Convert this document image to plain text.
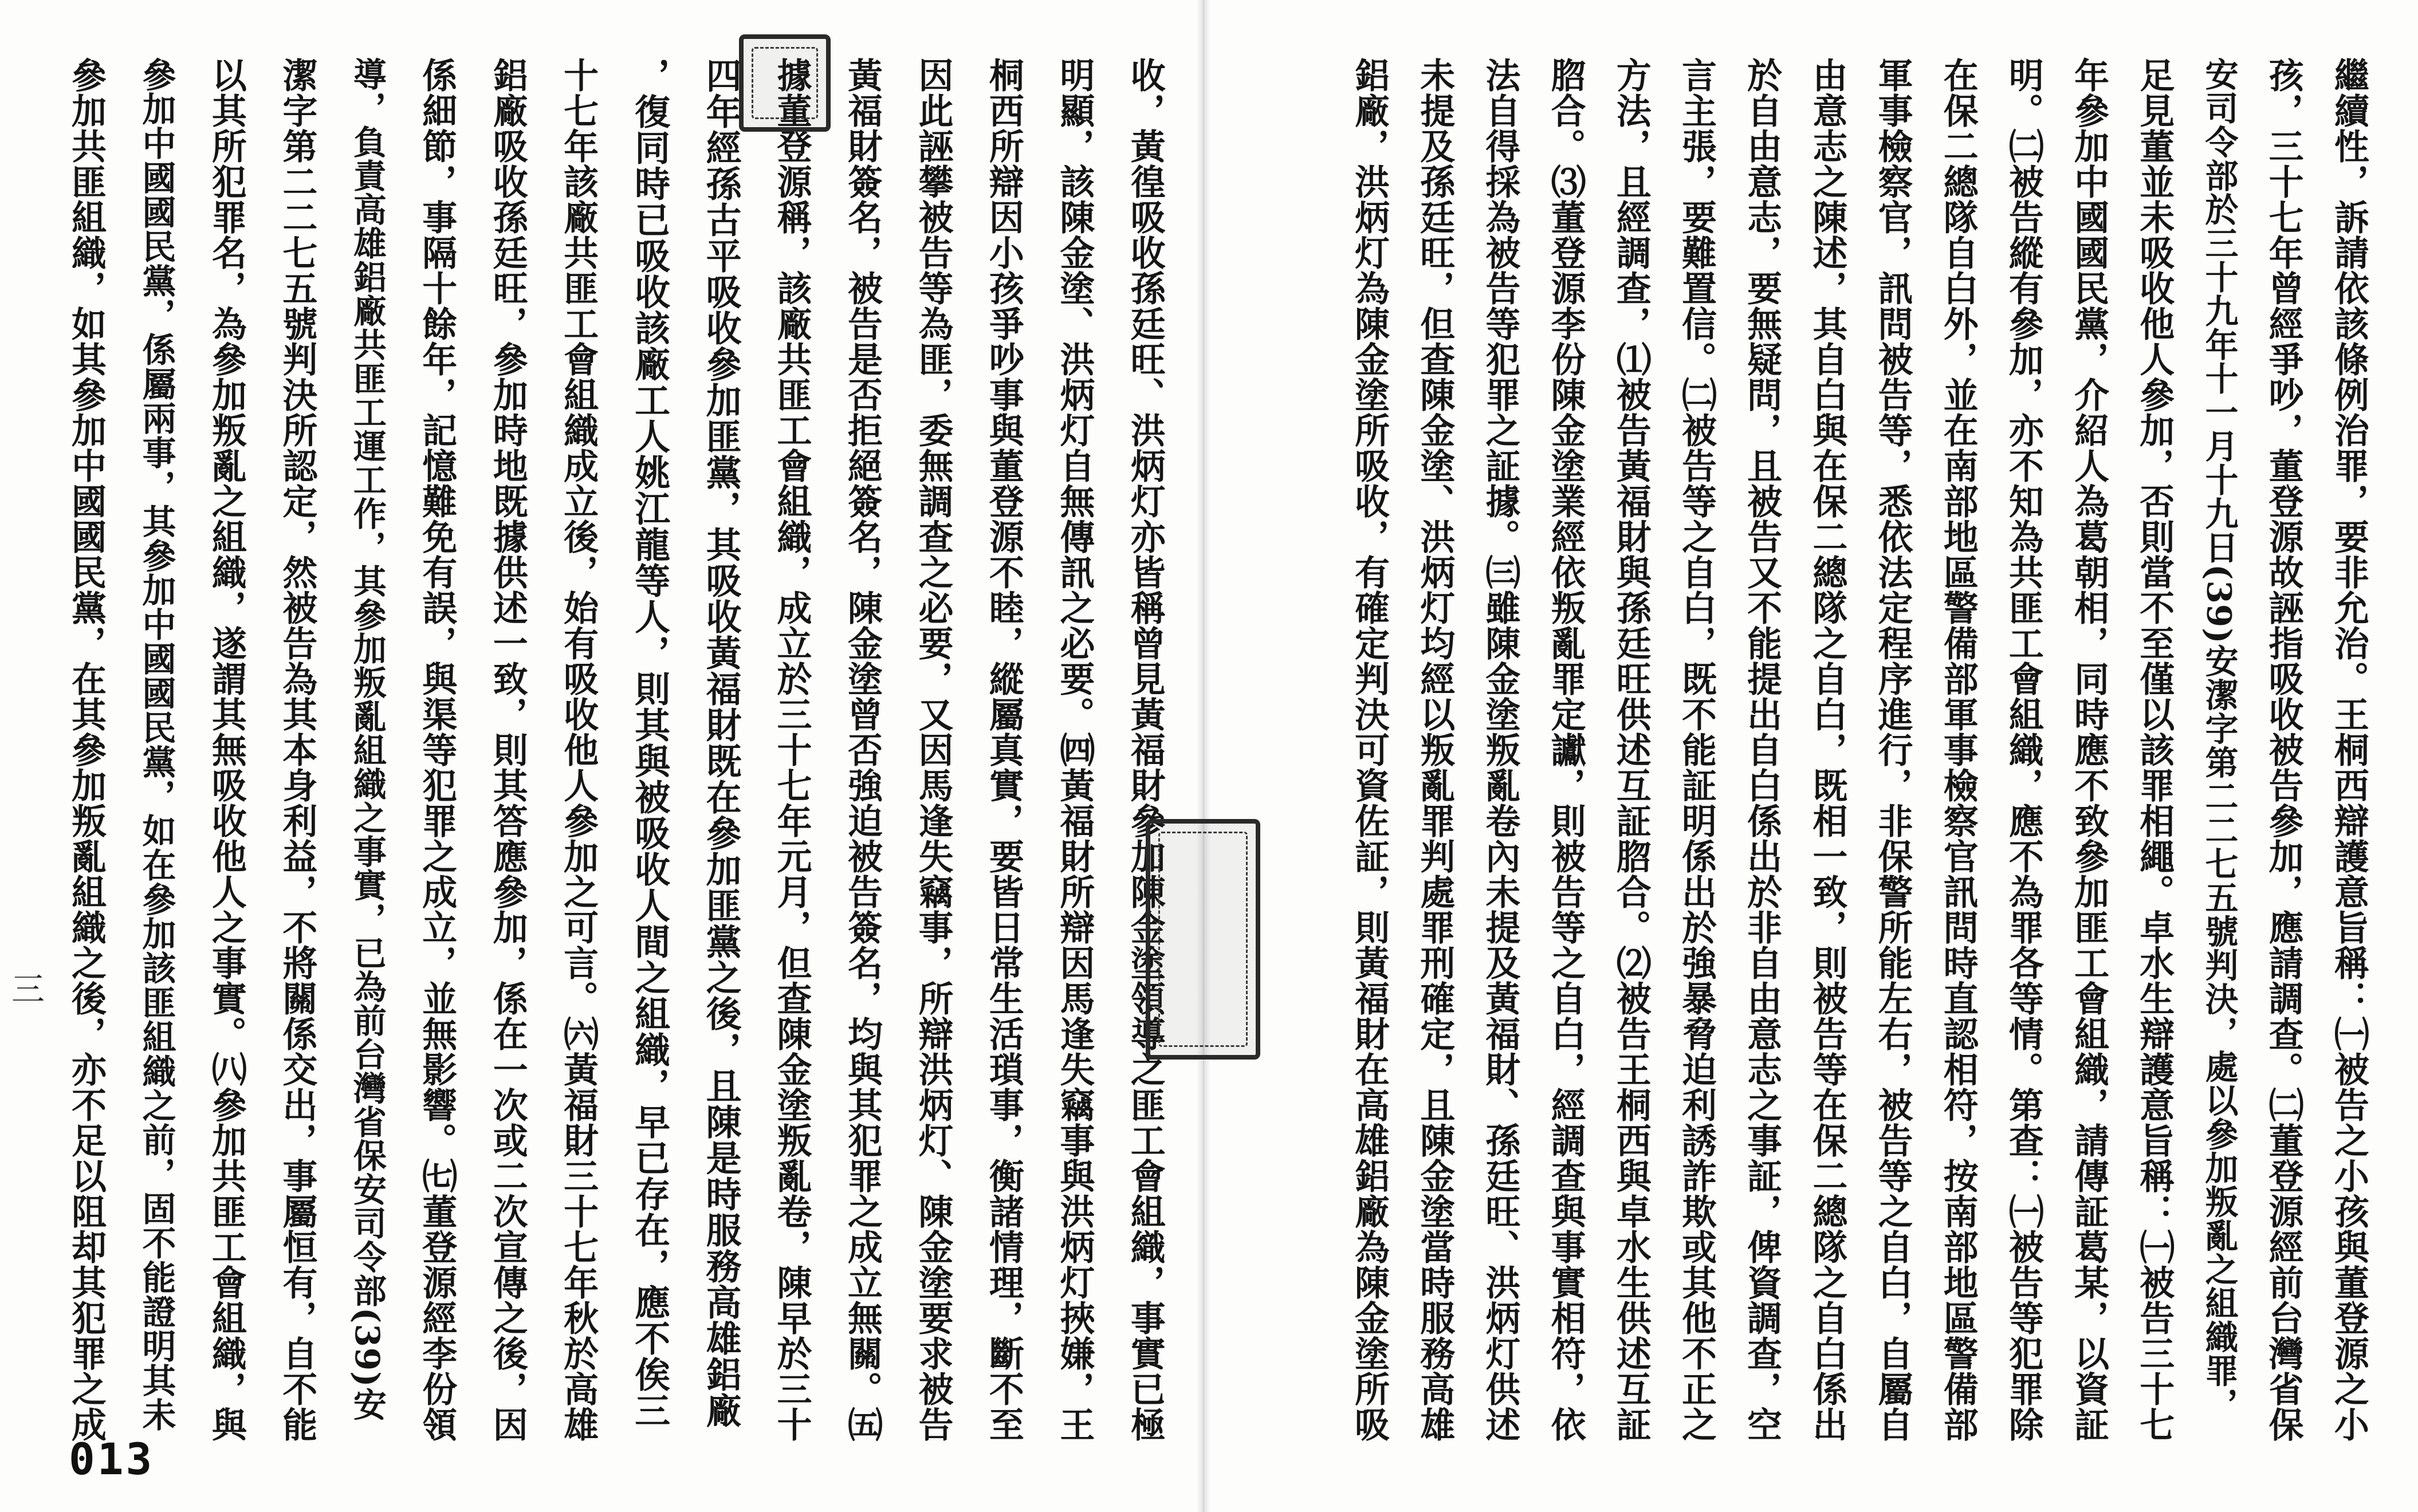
收，黃徨吸收孫廷旺、洪炳灯亦皆稱曾見黃福財參加陳金塗領導之匪工會組織，事實已極
明顯，該陳金塗、洪炳灯自無傳訊之必要。㈣黃福財所辯因馬逢失竊事與洪炳灯挾嫌，王
桐西所辯因小孩爭吵事與董登源不睦，縱屬真實，要皆日常生活瑣事，衡諸情理，斷不至
因此誣攀被告等為匪，委無調查之必要，又因馬逢失竊事，所辯洪炳灯、陳金塗要求被告
黃福財簽名，被告是否拒絕簽名，陳金塗曾否強迫被告簽名，均與其犯罪之成立無關。㈤
據董登源稱，該廠共匪工會組織，成立於三十七年元月，但查陳金塗叛亂卷，陳早於三十
四年經孫古平吸收參加匪黨，其吸收黃福財既在參加匪黨之後，且陳是時服務高雄鋁廠
，復同時已吸收該廠工人姚江龍等人，則其與被吸收人間之組織，早已存在，應不俟三
十七年該廠共匪工會組織成立後，始有吸收他人參加之可言。㈥黃福財三十七年秋於高雄
鋁廠吸收孫廷旺，參加時地既據供述一致，則其答應參加，係在一次或二次宣傳之後，因
係細節，事隔十餘年，記憶難免有誤，與渠等犯罪之成立，並無影響。㈦董登源經李份領
導，負責高雄鋁廠共匪工運工作，其參加叛亂組織之事實，已為前台灣省保安司令部(39)安
潔字第二二七五號判決所認定，然被告為其本身利益，不將關係交出，事屬恒有，自不能
以其所犯罪名，為參加叛亂之組織，遂謂其無吸收他人之事實。㈧參加共匪工會組織，與
參加中國國民黨，係屬兩事，其參加中國國民黨，如在參加該匪組織之前，固不能證明其未
參加共匪組織，如其參加中國國民黨，在其參加叛亂組織之後，亦不足以阻却其犯罪之成
三
013
繼續性，訴請依該條例治罪，要非允治。王桐西辯護意旨稱：㈠被告之小孩與董登源之小
孩，三十七年曾經爭吵，董登源故誣指吸收被告參加，應請調查。㈡董登源經前台灣省保
安司令部於三十九年十一月十九日(39)安潔字第二二七五號判決，處以參加叛亂之組織罪，
足見董並未吸收他人參加，否則當不至僅以該罪相繩。卓水生辯護意旨稱：㈠被告三十七
年參加中國國民黨，介紹人為葛朝相，同時應不致參加匪工會組織，請傳証葛某，以資証
明。㈡被告縱有參加，亦不知為共匪工會組織，應不為罪各等情。第查：㈠被告等犯罪除
在保二總隊自白外，並在南部地區警備部軍事檢察官訊問時直認相符，按南部地區警備部
軍事檢察官，訊問被告等，悉依法定程序進行，非保警所能左右，被告等之自白，自屬自
由意志之陳述，其自白與在保二總隊之自白，既相一致，則被告等在保二總隊之自白係出
於自由意志，要無疑問，且被告又不能提出自白係出於非自由意志之事証，俾資調查，空
言主張，要難置信。㈡被告等之自白，既不能証明係出於強暴脅迫利誘詐欺或其他不正之
方法，且經調查，⑴被告黃福財與孫廷旺供述互証脗合。⑵被告王桐西與卓水生供述互証
脗合。⑶董登源李份陳金塗業經依叛亂罪定讞，則被告等之自白，經調查與事實相符，依
法自得採為被告等犯罪之証據。㈢雖陳金塗叛亂卷內未提及黃福財、孫廷旺、洪炳灯供述
未提及孫廷旺，但查陳金塗、洪炳灯均經以叛亂罪判處罪刑確定，且陳金塗當時服務高雄
鋁廠，洪炳灯為陳金塗所吸收，有確定判決可資佐証，則黃福財在高雄鋁廠為陳金塗所吸
